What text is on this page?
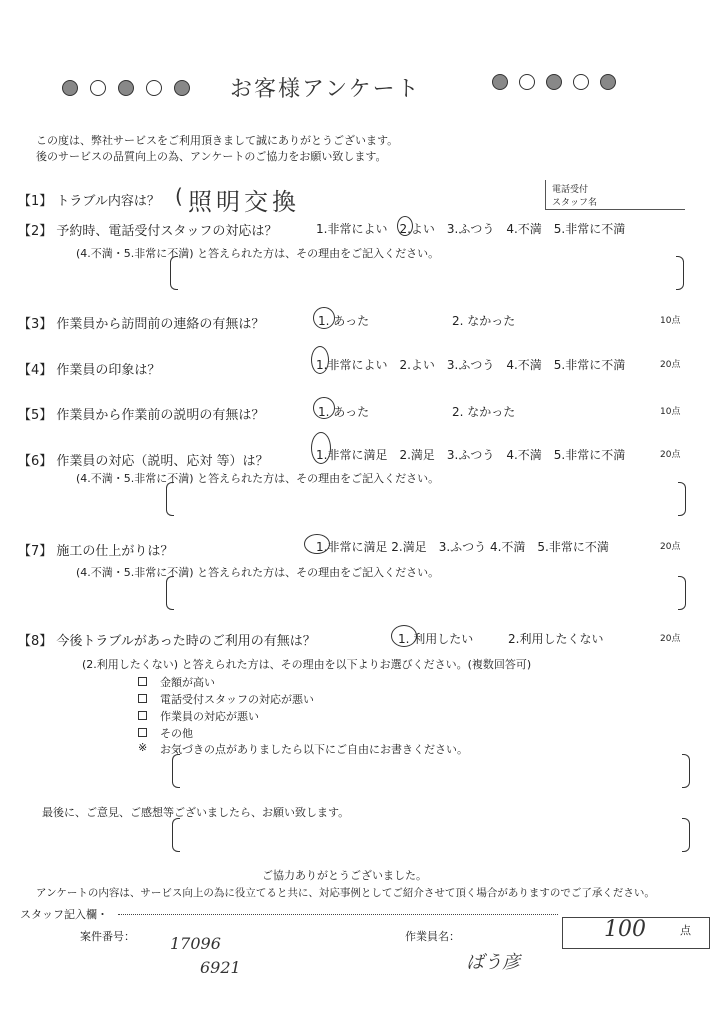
お客様アンケート
この度は、弊社サービスをご利用頂きまして誠にありがとうございます。
後のサービスの品質向上の為、アンケートのご協力をお願い致します。
電話受付
スタッフ名
【1】 トラブル内容は？ ( 照明交換
【2】 予約時、電話受付スタッフの対応は？	1.非常によい　2.よい　3.ふつう　4.不満　5.非常に不満
(4.不満・5.非常に不満) と答えられた方は、その理由をご記入ください。
【3】 作業員から訪問前の連絡の有無は？	1. あった	2. なかった	10点
【4】 作業員の印象は？	1.非常によい　2.よい　3.ふつう　4.不満　5.非常に不満	20点
【5】 作業員から作業前の説明の有無は？	1. あった	2. なかった	10点
【6】 作業員の対応（説明、応対 等）は？	1.非常に満足　2.満足　3.ふつう　4.不満　5.非常に不満	20点
(4.不満・5.非常に不満) と答えられた方は、その理由をご記入ください。
【7】 施工の仕上がりは？	1.非常に満足 2.満足　3.ふつう 4.不満　5.非常に不満	20点
(4.不満・5.非常に不満) と答えられた方は、その理由をご記入ください。
【8】 今後トラブルがあった時のご利用の有無は？	1. 利用したい	2.利用したくない	20点
(2.利用したくない) と答えられた方は、その理由を以下よりお選びください。(複数回答可)
金額が高い
電話受付スタッフの対応が悪い
作業員の対応が悪い
その他
※ お気づきの点がありましたら以下にご自由にお書きください。
最後に、ご意見、ご感想等ございましたら、お願い致します。
ご協力ありがとうございました。
アンケートの内容は、サービス向上の為に役立てると共に、対応事例としてご紹介させて頂く場合がありますのでご了承ください。
スタッフ記入欄・
案件番号： 17096
6921
作業員名：
ばう彦
100	点
